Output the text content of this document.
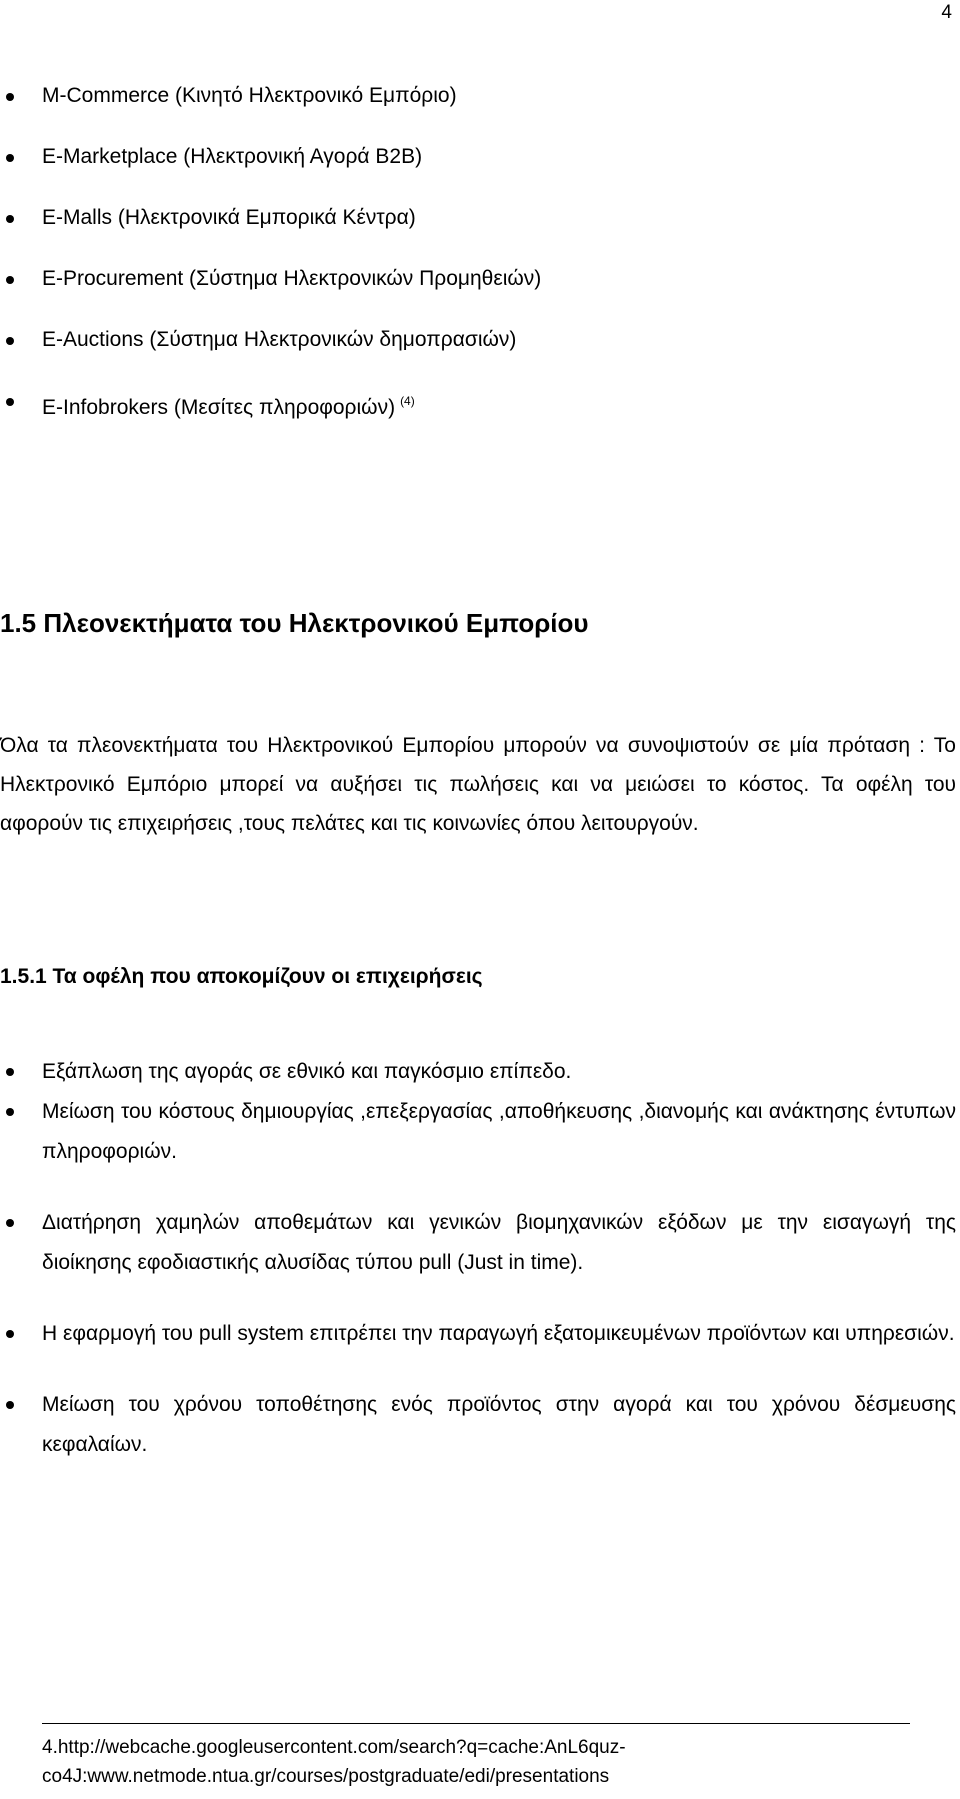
4
M-Commerce (Κινητό Ηλεκτρονικό Εμπόριο)
E-Marketplace (Ηλεκτρονική Αγορά B2B)
E-Malls (Ηλεκτρονικά Εμπορικά Κέντρα)
E-Procurement (Σύστημα Ηλεκτρονικών Προμηθειών)
E-Auctions (Σύστημα Ηλεκτρονικών δημοπρασιών)
E-Infobrokers (Μεσίτες πληροφοριών) $^{(4)}$
1.5 Πλεονεκτήματα του Ηλεκτρονικού Εμπορίου

Όλα τα πλεονεκτήματα του Ηλεκτρονικού Εμπορίου μπορούν να συνοψιστούν σε μία πρόταση : Το Ηλεκτρονικό Εμπόριο μπορεί να αυξήσει τις πωλήσεις και να μειώσει το κόστος. Τα οφέλη του αφορούν τις επιχειρήσεις ,τους πελάτες και τις κοινωνίες όπου λειτουργούν.

1.5.1 Τα οφέλη που αποκομίζουν οι επιχειρήσεις
Εξάπλωση της αγοράς σε εθνικό και παγκόσμιο επίπεδο.
Μείωση του κόστους δημιουργίας ,επεξεργασίας ,αποθήκευσης ,διανομής και ανάκτησης έντυπων πληροφοριών.
Διατήρηση χαμηλών αποθεμάτων και γενικών βιομηχανικών εξόδων με την εισαγωγή της διοίκησης εφοδιαστικής αλυσίδας τύπου pull (Just in time).
Η εφαρμογή του pull system επιτρέπει την παραγωγή εξατομικευμένων προϊόντων και υπηρεσιών.
Μείωση του χρόνου τοποθέτησης ενός προϊόντος στην αγορά και του χρόνου δέσμευσης κεφαλαίων.

4.http://webcache.googleusercontent.com/search?q=cache:AnL6quz-co4J:www.netmode.ntua.gr/courses/postgraduate/edi/presentations
